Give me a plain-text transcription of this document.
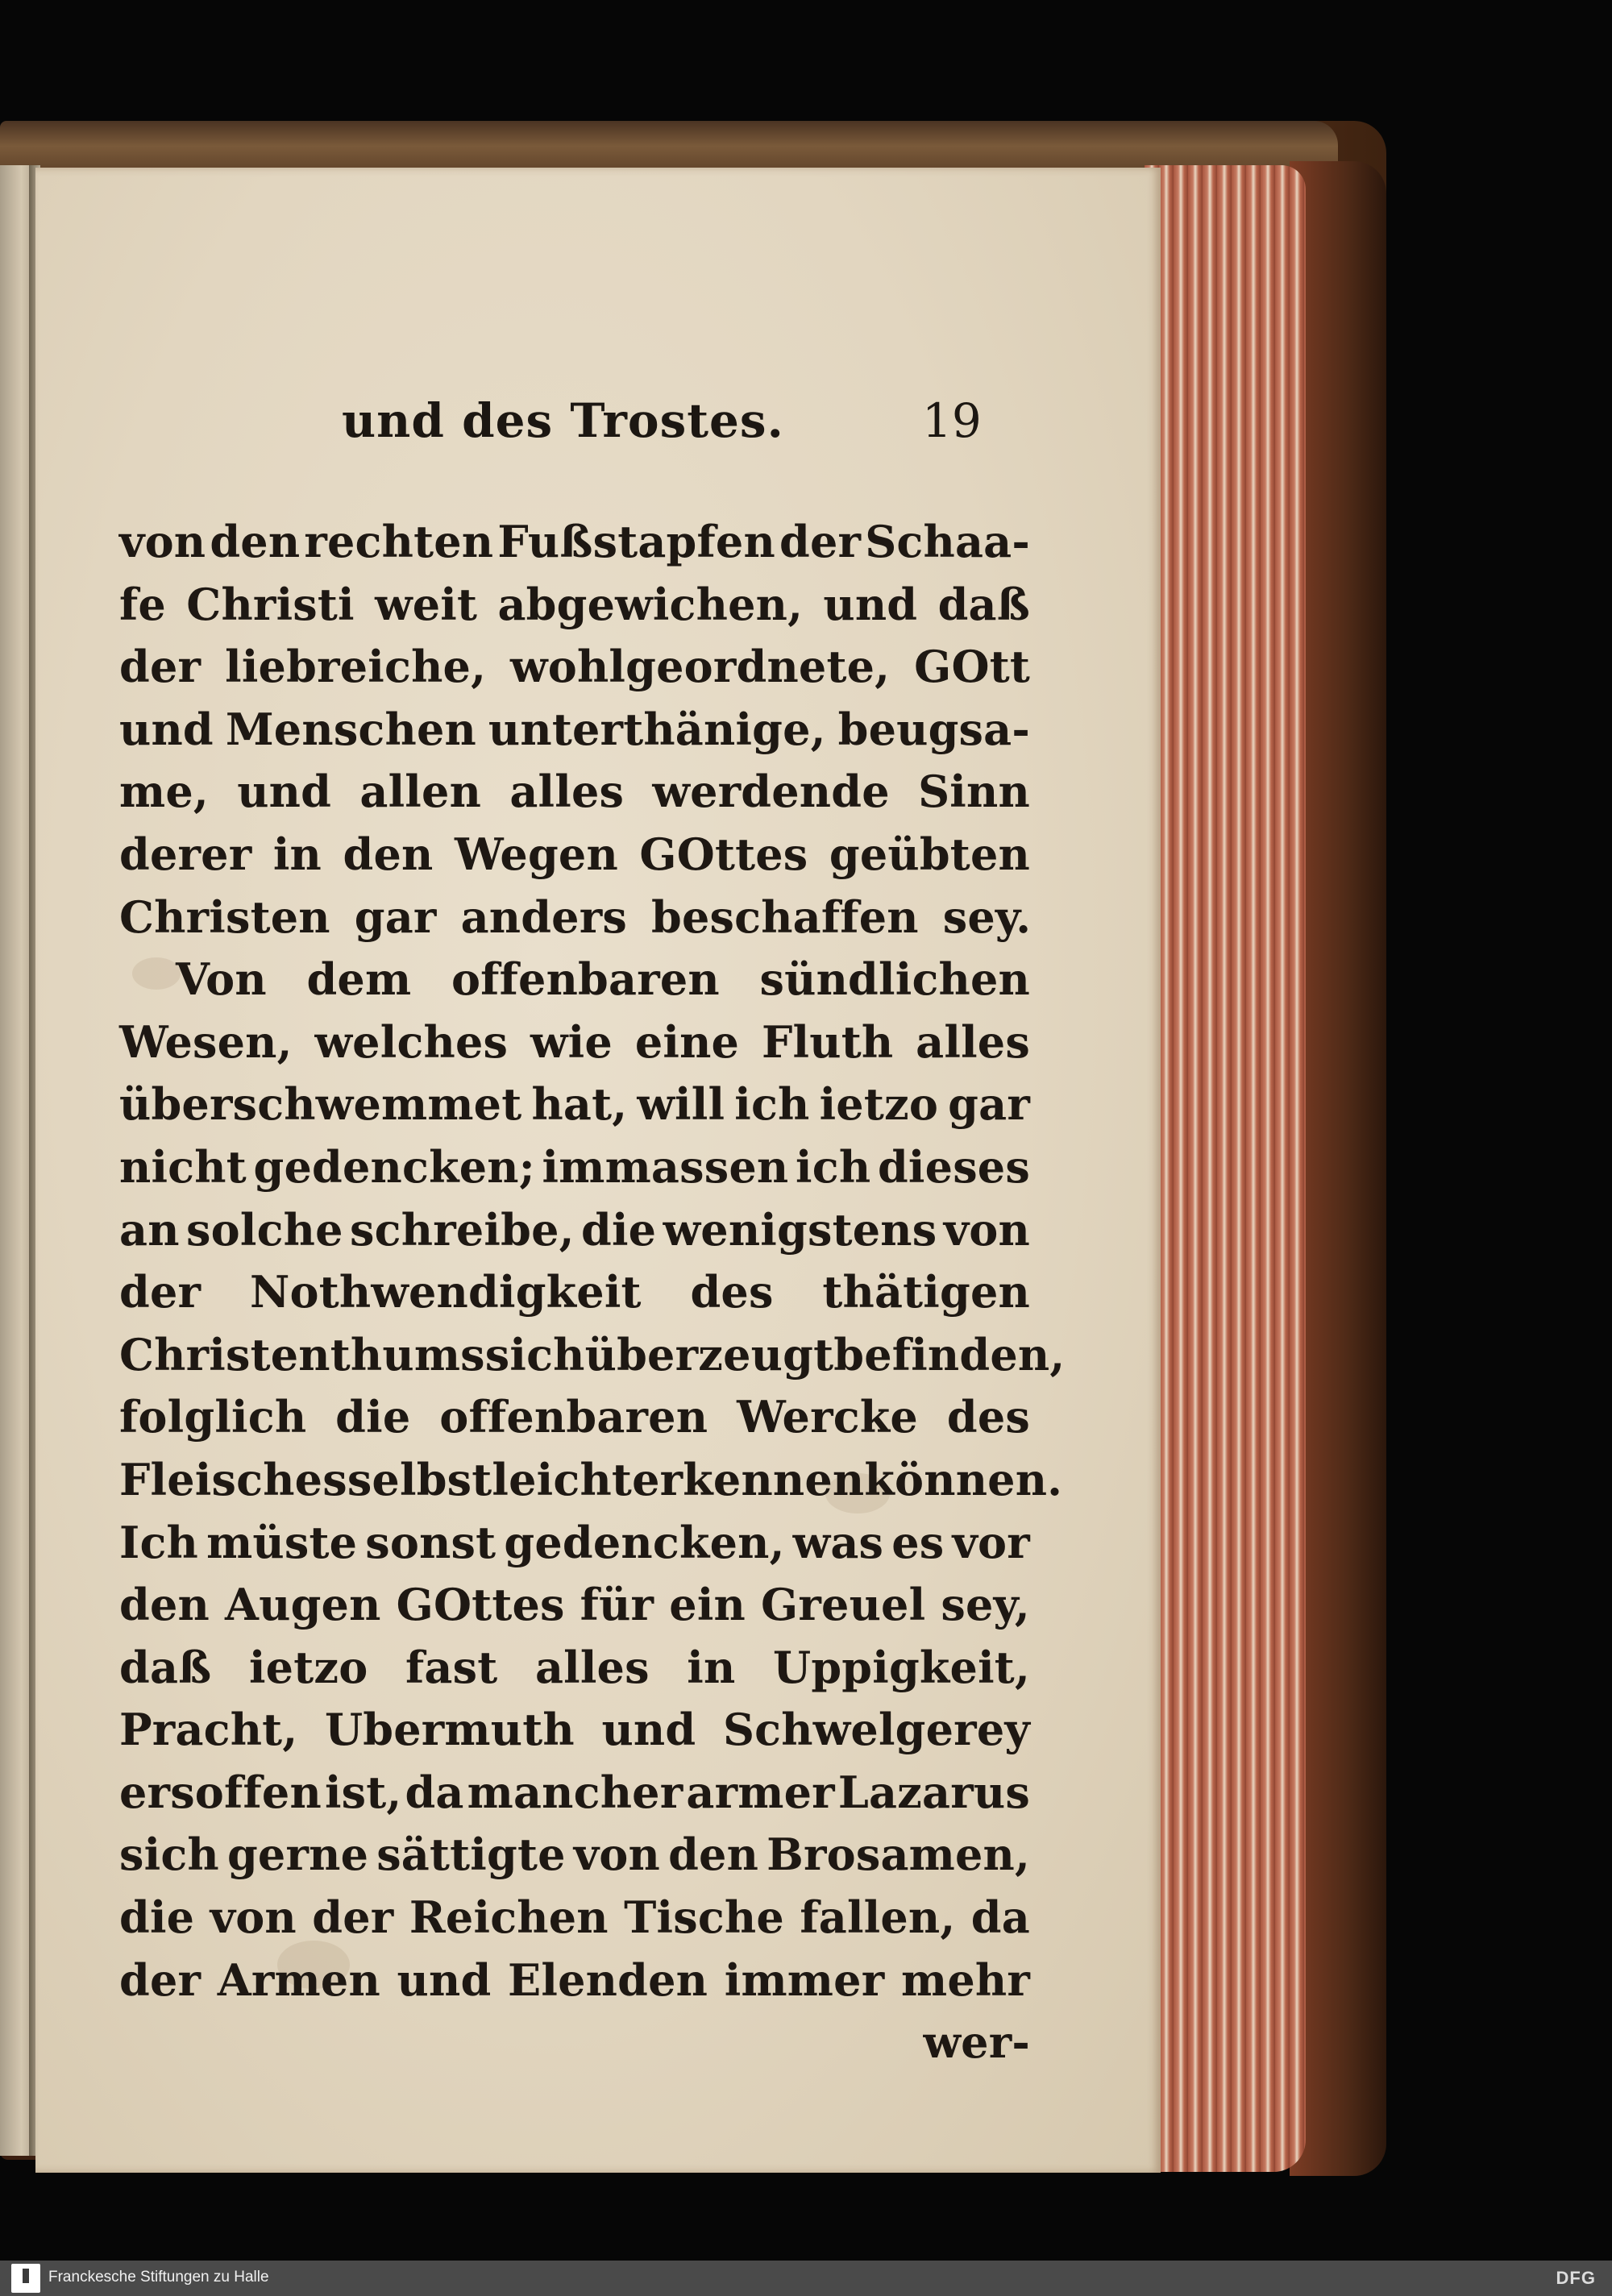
und des Trostes.	19
von den rechten Fußstapfen der Schaa-
fe Christi weit abgewichen, und daß
der liebreiche, wohlgeordnete, GOtt
und Menschen unterthänige, beugsa-
me, und allen alles werdende Sinn
derer in den Wegen GOttes geübten
Christen gar anders beschaffen sey.
Von dem offenbaren sündlichen
Wesen, welches wie eine Fluth alles
überschwemmet hat, will ich ietzo gar
nicht gedencken; immassen ich dieses
an solche schreibe, die wenigstens von
der Nothwendigkeit des thätigen
Christenthums sich überzeugt befinden,
folglich die offenbaren Wercke des
Fleisches selbst leicht erkennen können.
Ich müste sonst gedencken, was es vor
den Augen GOttes für ein Greuel sey,
daß ietzo fast alles in Uppigkeit,
Pracht, Ubermuth und Schwelgerey
ersoffen ist, da mancher armer Lazarus
sich gerne sättigte von den Brosamen,
die von der Reichen Tische fallen, da
der Armen und Elenden immer mehr
wer-
Franckesche Stiftungen zu Halle	DFG
